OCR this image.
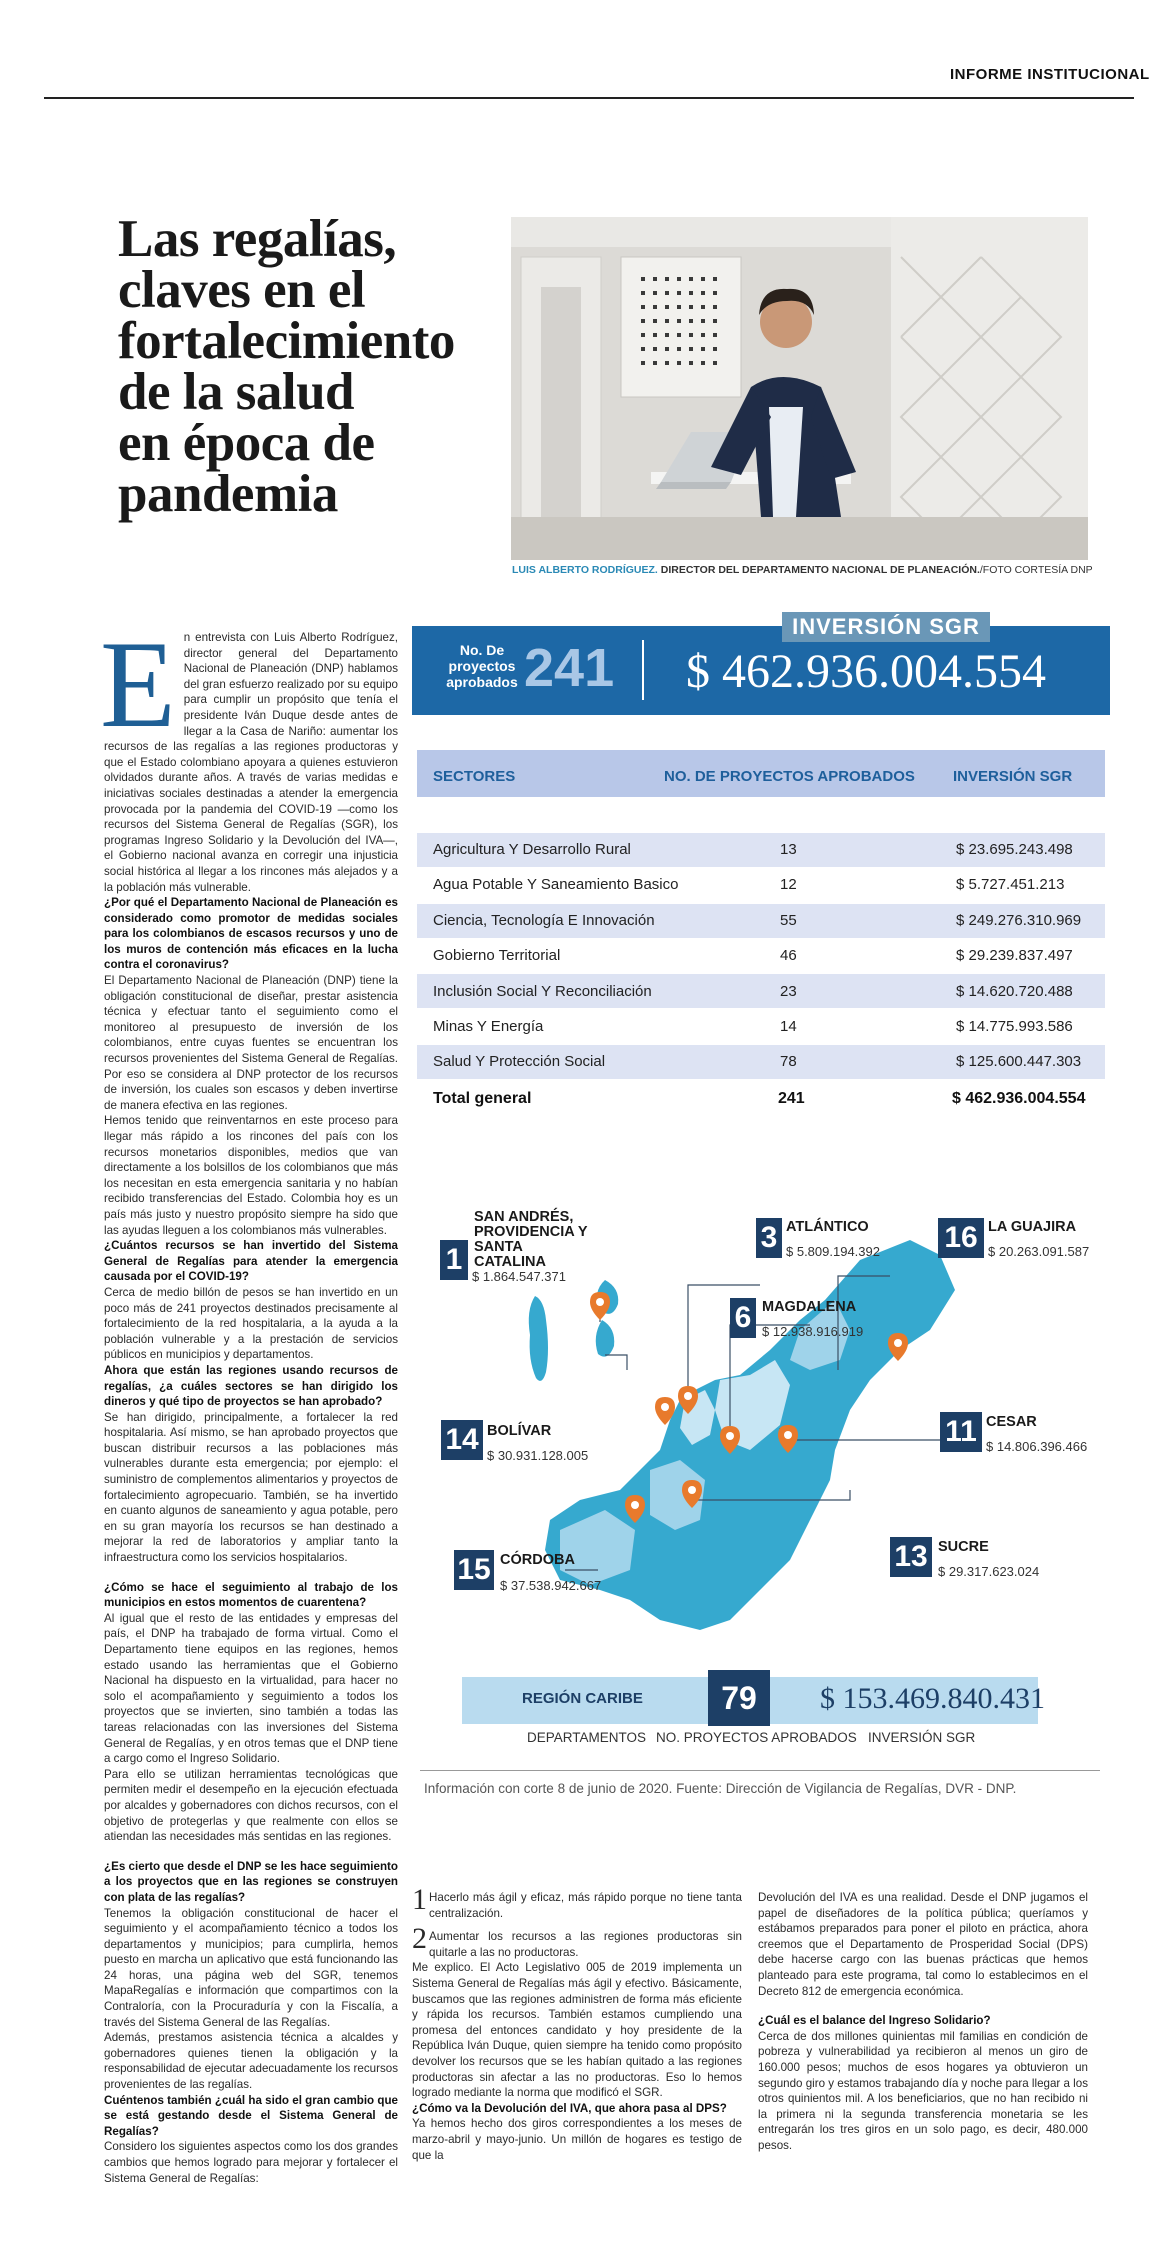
INFORME INSTITUCIONAL
Las regalías,
claves en el
fortalecimiento
de la salud
en época de
pandemia
LUIS ALBERTO RODRÍGUEZ. DIRECTOR DEL DEPARTAMENTO NACIONAL DE PLANEACIÓN./FOTO CORTESÍA DNP
E n entrevista con Luis Alberto Rodríguez, director general del Departamento Nacional de Planeación (DNP) hablamos del gran esfuerzo realizado por su equipo para cumplir un propósito que tenía el presidente Iván Duque desde antes de llegar a la Casa de Nariño: aumentar los recursos de las regalías a las regiones productoras y que el Estado colombiano apoyara a quienes estuvieron olvidados durante años. A través de varias medidas e iniciativas sociales destinadas a atender la emergencia provocada por la pandemia del COVID-19 —como los recursos del Sistema General de Regalías (SGR), los programas Ingreso Solidario y la Devolución del IVA—, el Gobierno nacional avanza en corregir una injusticia social histórica al llegar a los rincones más alejados y a la población más vulnerable.

¿Por qué el Departamento Nacional de Planeación es considerado como promotor de medidas sociales para los colombianos de escasos recursos y uno de los muros de contención más eficaces en la lucha contra el coronavirus?

El Departamento Nacional de Planeación (DNP) tiene la obligación constitucional de diseñar, prestar asistencia técnica y efectuar tanto el seguimiento como el monitoreo al presupuesto de inversión de los colombianos, entre cuyas fuentes se encuentran los recursos provenientes del Sistema General de Regalías. Por eso se considera al DNP protector de los recursos de inversión, los cuales son escasos y deben invertirse de manera efectiva en las regiones.

Hemos tenido que reinventarnos en este proceso para llegar más rápido a los rincones del país con los recursos monetarios disponibles, medios que van directamente a los bolsillos de los colombianos que más los necesitan en esta emergencia sanitaria y no habían recibido transferencias del Estado. Colombia hoy es un país más justo y nuestro propósito siempre ha sido que las ayudas lleguen a los colombianos más vulnerables.

¿Cuántos recursos se han invertido del Sistema General de Regalías para atender la emergencia causada por el COVID-19?

Cerca de medio billón de pesos se han invertido en un poco más de 241 proyectos destinados precisamente al fortalecimiento de la red hospitalaria, a la ayuda a la población vulnerable y a la prestación de servicios públicos en municipios y departamentos.

Ahora que están las regiones usando recursos de regalías, ¿a cuáles sectores se han dirigido los dineros y qué tipo de proyectos se han aprobado?

Se han dirigido, principalmente, a fortalecer la red hospitalaria. Así mismo, se han aprobado proyectos que buscan distribuir recursos a las poblaciones más vulnerables durante esta emergencia; por ejemplo: el suministro de complementos alimentarios y proyectos de fortalecimiento agropecuario. También, se ha invertido en cuanto algunos de saneamiento y agua potable, pero en su gran mayoría los recursos se han destinado a mejorar la red de laboratorios y ampliar tanto la infraestructura como los servicios hospitalarios.

¿Cómo se hace el seguimiento al trabajo de los municipios en estos momentos de cuarentena?

Al igual que el resto de las entidades y empresas del país, el DNP ha trabajado de forma virtual. Como el Departamento tiene equipos en las regiones, hemos estado usando las herramientas que el Gobierno Nacional ha dispuesto en la virtualidad, para hacer no solo el acompañamiento y seguimiento a todos los proyectos que se invierten, sino también a todas las tareas relacionadas con las inversiones del Sistema General de Regalías, y en otros temas que el DNP tiene a cargo como el Ingreso Solidario.

Para ello se utilizan herramientas tecnológicas que permiten medir el desempeño en la ejecución efectuada por alcaldes y gobernadores con dichos recursos, con el objetivo de protegerlas y que realmente con ellos se atiendan las necesidades más sentidas en las regiones.

¿Es cierto que desde el DNP se les hace seguimiento a los proyectos que en las regiones se construyen con plata de las regalías?

Tenemos la obligación constitucional de hacer el seguimiento y el acompañamiento técnico a todos los departamentos y municipios; para cumplirla, hemos puesto en marcha un aplicativo que está funcionando las 24 horas, una página web del SGR, tenemos MapaRegalías e información que compartimos con la Contraloría, con la Procuraduría y con la Fiscalía, a través del Sistema General de las Regalías.

Además, prestamos asistencia técnica a alcaldes y gobernadores quienes tienen la obligación y la responsabilidad de ejecutar adecuadamente los recursos provenientes de las regalías.

Cuéntenos también ¿cuál ha sido el gran cambio que se está gestando desde el Sistema General de Regalías?

Considero los siguientes aspectos como los dos grandes cambios que hemos logrado para mejorar y fortalecer el Sistema General de Regalías:

1 Hacerlo más ágil y eficaz, más rápido porque no tiene tanta centralización.

2 Aumentar los recursos a las regiones productoras sin quitarle a las no productoras.

Me explico. El Acto Legislativo 005 de 2019 implementa un Sistema General de Regalías más ágil y efectivo. Básicamente, buscamos que las regiones administren de forma más eficiente y rápida los recursos. También estamos cumpliendo una promesa del entonces candidato y hoy presidente de la República Iván Duque, quien siempre ha tenido como propósito devolver los recursos que se les habían quitado a las regiones productoras sin afectar a las no productoras. Eso lo hemos logrado mediante la norma que modificó el SGR.

¿Cómo va la Devolución del IVA, que ahora pasa al DPS?

Ya hemos hecho dos giros correspondientes a los meses de marzo-abril y mayo-junio. Un millón de hogares es testigo de que la

Devolución del IVA es una realidad. Desde el DNP jugamos el papel de diseñadores de la política pública; queríamos y estábamos preparados para poner el piloto en práctica, ahora creemos que el Departamento de Prosperidad Social (DPS) debe hacerse cargo con las buenas prácticas que hemos planteado para este programa, tal como lo establecimos en el Decreto 812 de emergencia económica.

¿Cuál es el balance del Ingreso Solidario?

Cerca de dos millones quinientas mil familias en condición de pobreza y vulnerabilidad ya recibieron al menos un giro de 160.000 pesos; muchos de esos hogares ya obtuvieron un segundo giro y estamos trabajando día y noche para llegar a los otros quinientos mil. A los beneficiarios, que no han recibido ni la primera ni la segunda transferencia monetaria se les entregarán los tres giros en un solo pago, es decir, 480.000 pesos.

INVERSIÓN SGR
No. De proyectos aprobados 241 $ 462.936.004.554
SECTORES	NO. DE PROYECTOS APROBADOS	INVERSIÓN SGR
Agricultura Y Desarrollo Rural	13	$ 23.695.243.498
Agua Potable Y Saneamiento Basico	12	$ 5.727.451.213
Ciencia, Tecnología E Innovación	55	$ 249.276.310.969
Gobierno Territorial	46	$ 29.239.837.497
Inclusión Social Y Reconciliación	23	$ 14.620.720.488
Minas Y Energía	14	$ 14.775.993.586
Salud Y Protección Social	78	$ 125.600.447.303
Total general	241	$ 462.936.004.554
1
SAN ANDRÉS, PROVIDENCIA Y SANTA CATALINA
$ 1.864.547.371
3 ATLÁNTICO
$ 5.809.194.392 16 LA GUAJIRA
$ 20.263.091.587
6 MAGDALENA
$ 12.938.916.919
14 BOLÍVAR
$ 30.931.128.005
11 CESAR
$ 14.806.396.466
15 CÓRDOBA
$ 37.538.942.667
13 SUCRE
$ 29.317.623.024
REGIÓN CARIBE	79	$ 153.469.840.431
DEPARTAMENTOS NO. PROYECTOS APROBADOS INVERSIÓN SGR
Información con corte 8 de junio de 2020. Fuente: Dirección de Vigilancia de Regalías, DVR - DNP.
